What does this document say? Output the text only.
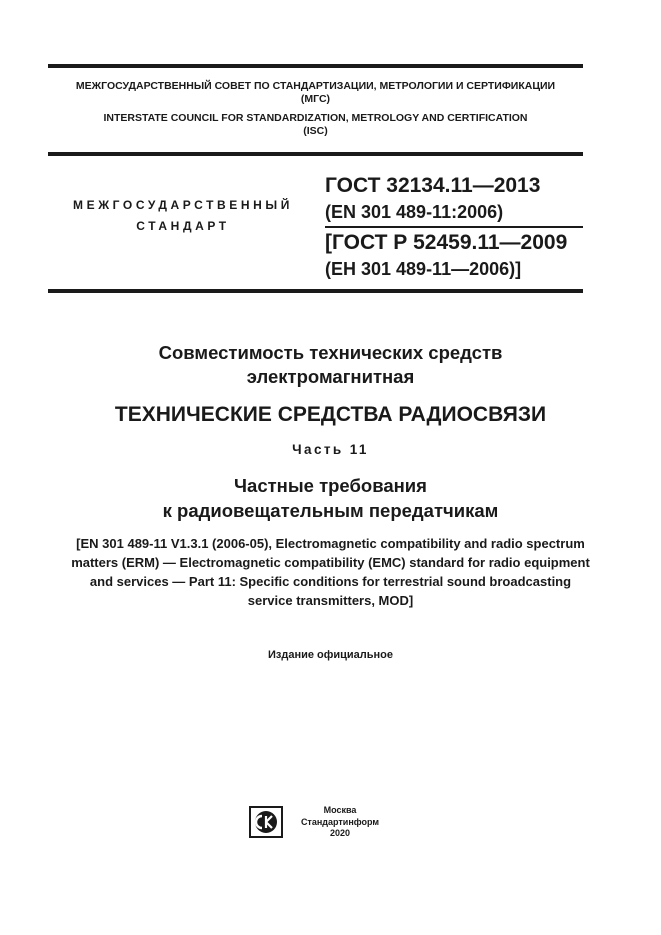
МЕЖГОСУДАРСТВЕННЫЙ СОВЕТ ПО СТАНДАРТИЗАЦИИ, МЕТРОЛОГИИ И СЕРТИФИКАЦИИ
(МГС)
INTERSTATE COUNCIL FOR STANDARDIZATION, METROLOGY AND CERTIFICATION
(ISC)
МЕЖГОСУДАРСТВЕННЫЙ
СТАНДАРТ
ГОСТ 32134.11—2013
(EN 301 489-11:2006)
[ГОСТ Р 52459.11—2009
(ЕН 301 489-11—2006)]
Совместимость технических средств
электромагнитная
ТЕХНИЧЕСКИЕ СРЕДСТВА РАДИОСВЯЗИ
Часть 11
Частные требования
к радиовещательным передатчикам
[EN 301 489-11 V1.3.1 (2006-05), Electromagnetic compatibility and radio spectrum
matters (ERM) — Electromagnetic compatibility (EMC) standard for radio equipment
and services — Part 11: Specific conditions for terrestrial sound broadcasting
service transmitters, MOD]
Издание официальное
Москва
Стандартинформ
2020
